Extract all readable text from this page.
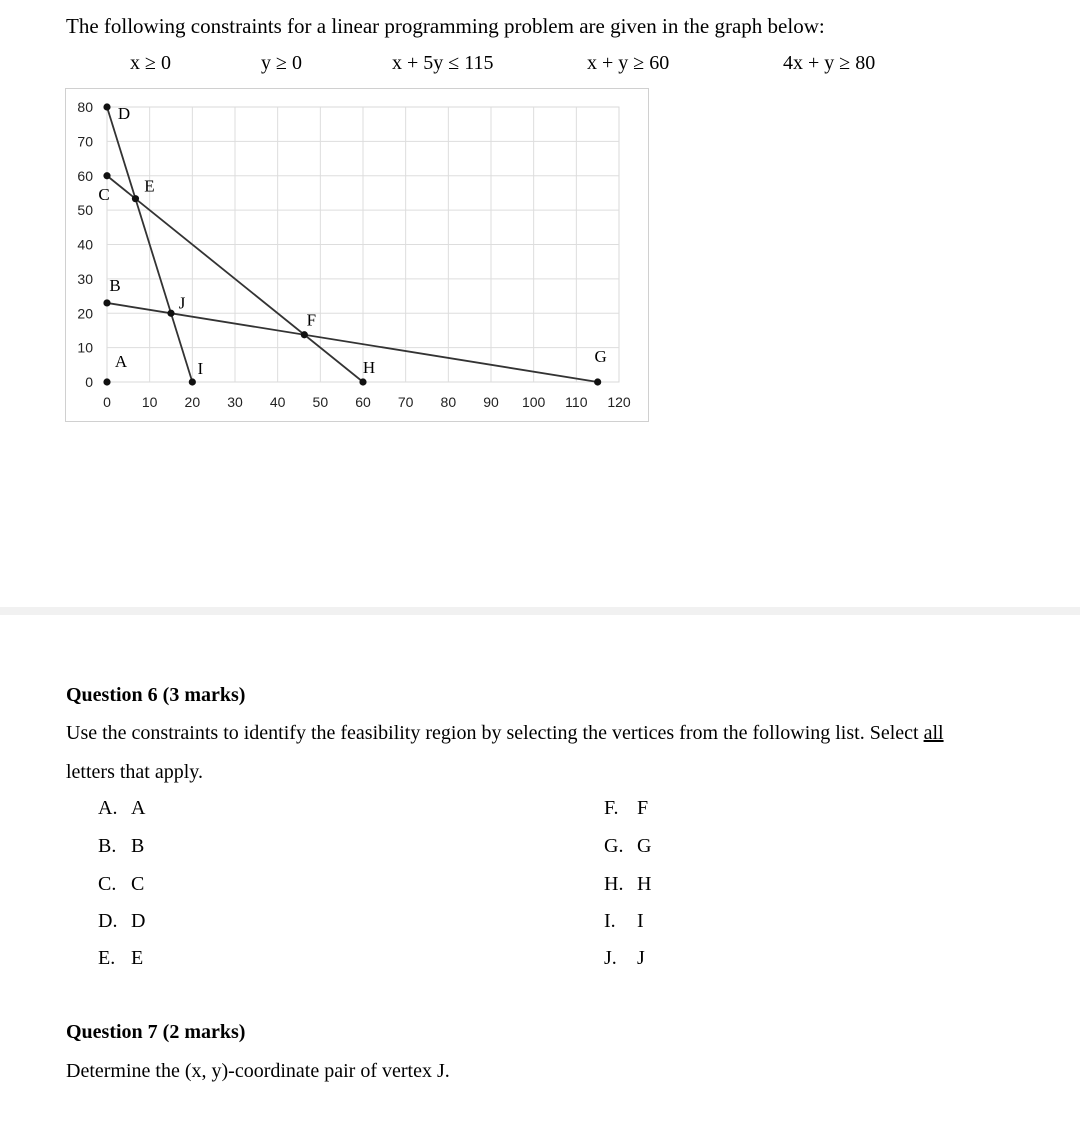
The following constraints for a linear programming problem are given in the graph below:
x ≥ 0	y ≥ 0	x + 5y ≤ 115	x + y ≥ 60	4x + y ≥ 80
0 10 20 30 40 50 60 70 80 90 100 110 120
0
10
20
30
40
50
60
70
80
A
B
C
D
E
F
G
H
I
J
Question 6 (3 marks)
Use the constraints to identify the feasibility region by selecting the vertices from the following list. Select all
letters that apply.
A. A
B. B
C. C
D. D
E. E
F. F
G. G
H. H
I. I
J. J
Question 7 (2 marks)
Determine the (x, y)-coordinate pair of vertex J.
